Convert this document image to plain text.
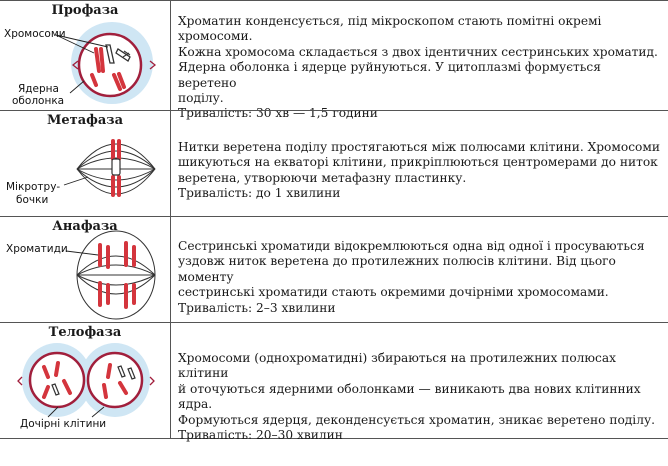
Профаза
Хромосоми
Ядерна
оболонка

Хроматин конденсується, під мікроскопом стають помітні окремі хромосоми.

Кожна хромосома складається з двох ідентичних сестринських хроматид.

Ядерна оболонка і ядерце руйнуються. У цитоплазмі формується веретено

поділу.

Тривалість: 30 хв — 1,5 години

Метафаза
Мікротру-
бочки

Нитки веретена поділу простягаються між полюсами клітини. Хромосоми

шикуються на екваторі клітини, прикріплюються центромерами до ниток

веретена, утворюючи метафазну пластинку.

Тривалість: до 1 хвилини

Анафаза
Хроматиди	Сестринські хроматиди відокремлюються одна від одної і просуваються

уздовж ниток веретена до протилежних полюсів клітини. Від цього моменту

сестринські хроматиди стають окремими дочірніми хромосомами.

Тривалість: 2–3 хвилини

Телофаза
Дочірні клітини

Хромосоми (однохроматидні) збираються на протилежних полюсах клітини

й оточуються ядерними оболонками — виникають два нових клітинних ядра.

Формуються ядерця, деконденсується хроматин, зникає веретено поділу.

Тривалість: 20–30 хвилин
